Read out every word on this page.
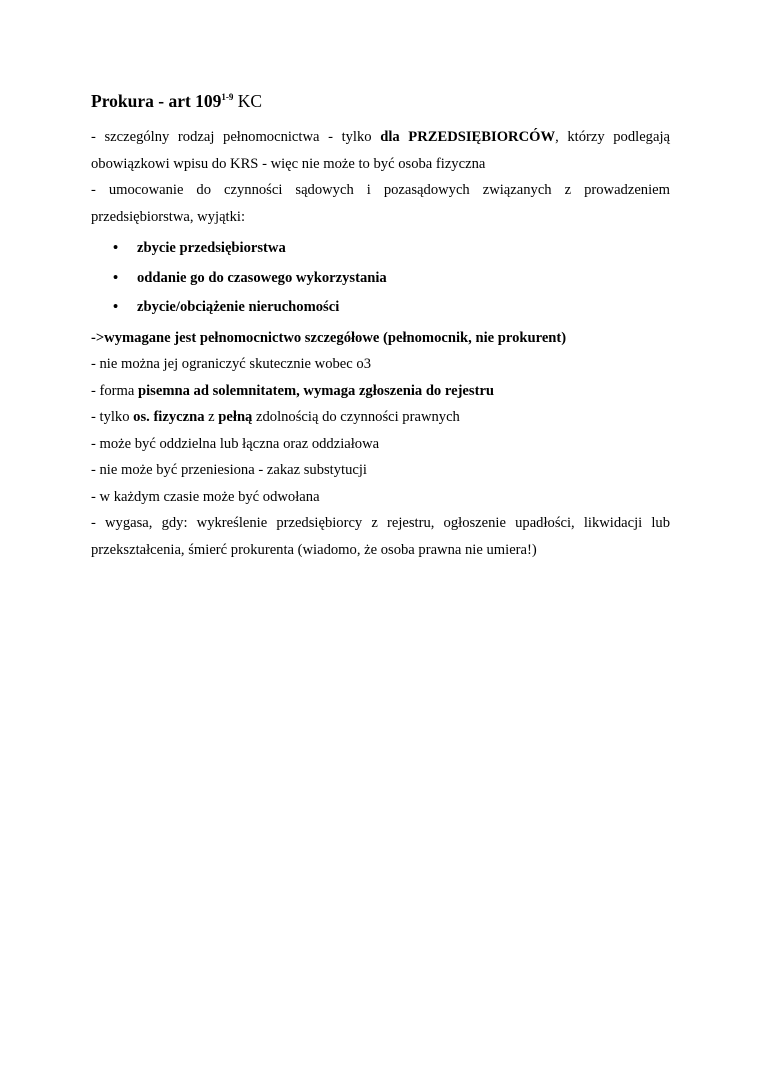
Prokura - art 109$^{1-9}$ KC

- szczególny rodzaj pełnomocnictwa - tylko dla PRZEDSIĘBIORCÓW, którzy podlegają obowiązkowi wpisu do KRS - więc nie może to być osoba fizyczna

- umocowanie do czynności sądowych i pozasądowych związanych z prowadzeniem przedsiębiorstwa, wyjątki:

• zbycie przedsiębiorstwa
• oddanie go do czasowego wykorzystania
• zbycie/obciążenie nieruchomości

->wymagane jest pełnomocnictwo szczegółowe (pełnomocnik, nie prokurent)

- nie można jej ograniczyć skutecznie wobec o3

- forma pisemna ad solemnitatem, wymaga zgłoszenia do rejestru

- tylko os. fizyczna z pełną zdolnością do czynności prawnych

- może być oddzielna lub łączna oraz oddziałowa

- nie może być przeniesiona - zakaz substytucji

- w każdym czasie może być odwołana

- wygasa, gdy: wykreślenie przedsiębiorcy z rejestru, ogłoszenie upadłości, likwidacji lub przekształcenia, śmierć prokurenta (wiadomo, że osoba prawna nie umiera!)
